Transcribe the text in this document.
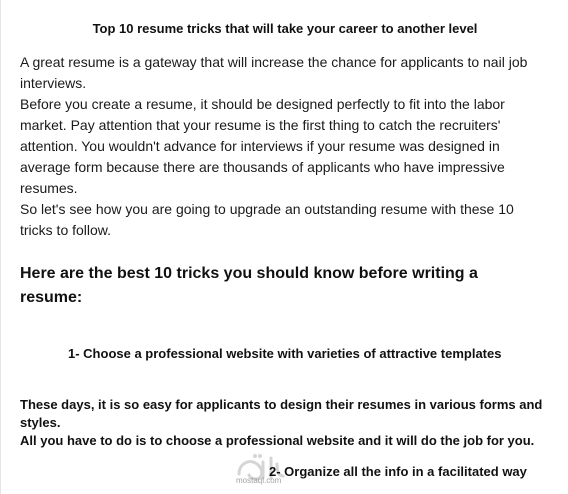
Top 10 resume tricks that will take your career to another level

A great resume is a gateway that will increase the chance for applicants to nail job interviews.

Before you create a resume, it should be designed perfectly to fit into the labor market. Pay attention that your resume is the first thing to catch the recruiters' attention. You wouldn't advance for interviews if your resume was designed in average form because there are thousands of applicants who have impressive resumes.

So let's see how you are going to upgrade an outstanding resume with these 10 tricks to follow.

Here are the best 10 tricks you should know before writing a resume:
1- Choose a professional website with varieties of attractive templates

These days, it is so easy for applicants to design their resumes in various forms and styles.

All you have to do is to choose a professional website and it will do the job for you.

mostaql.com
2- Organize all the info in a facilitated way
